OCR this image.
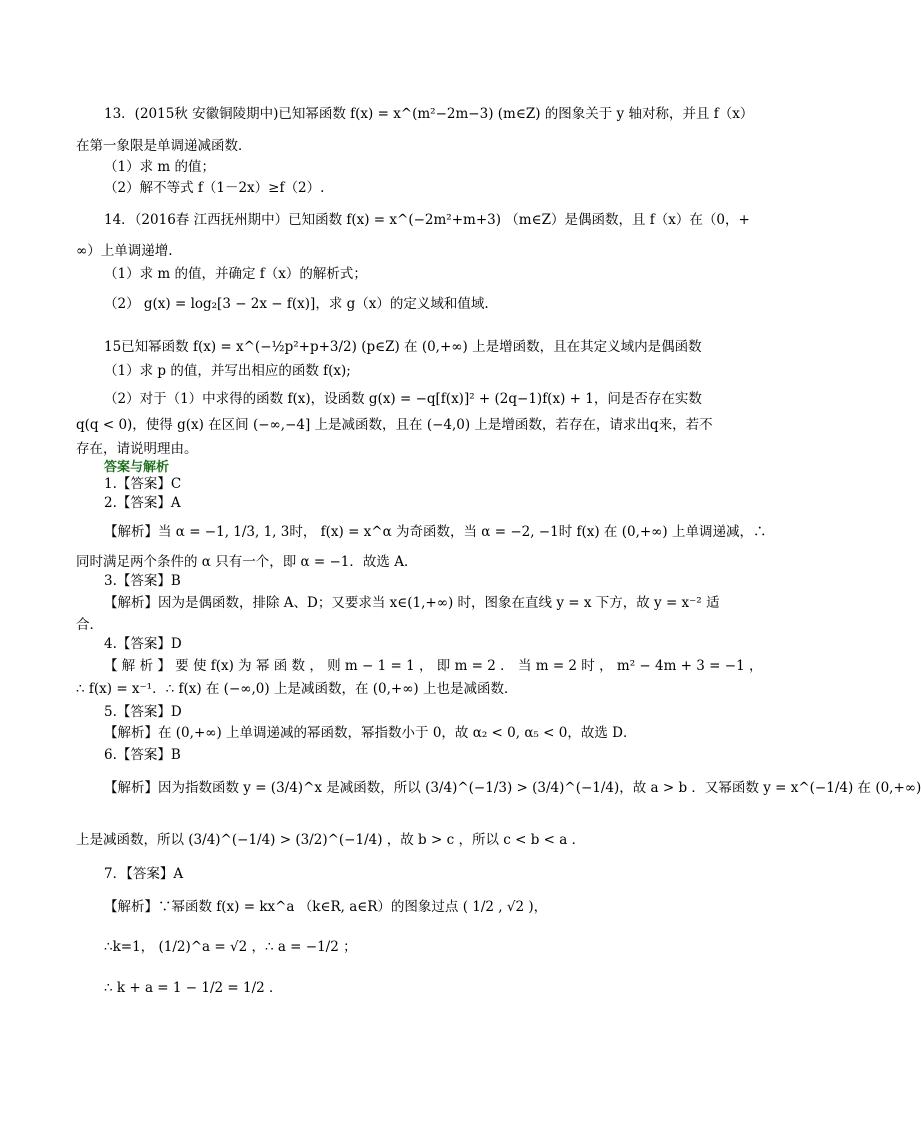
13．(2015秋 安徽铜陵期中)已知幂函数 f(x) = x^(m²−2m−3) (m∈Z) 的图象关于 y 轴对称，并且 f（x）
在第一象限是单调递减函数．
（1）求 m 的值；
（2）解不等式 f（1－2x）≥f（2）.
14．（2016春 江西抚州期中）已知函数 f(x) = x^(−2m²+m+3) （m∈Z）是偶函数，且 f（x）在（0，+
∞）上单调递增.
（1）求 m 的值，并确定 f（x）的解析式；
（2） g(x) = log₂[3 − 2x − f(x)]，求 g（x）的定义域和值域.
15已知幂函数 f(x) = x^(−½p²+p+3/2) (p∈Z) 在 (0,+∞) 上是增函数，且在其定义域内是偶函数
（1）求 p 的值，并写出相应的函数 f(x);
（2）对于（1）中求得的函数 f(x)，设函数 g(x) = −q[f(x)]² + (2q−1)f(x) + 1，问是否存在实数
q(q < 0)，使得 g(x) 在区间 (−∞,−4] 上是减函数，且在 (−4,0) 上是增函数，若存在，请求出q来，若不
存在，请说明理由。
答案与解析
1.【答案】C
2.【答案】A
【解析】当 α = −1, 1/3, 1, 3时， f(x) = x^α 为奇函数，当 α = −2, −1时 f(x) 在 (0,+∞) 上单调递减，∴
同时满足两个条件的 α 只有一个，即 α = −1．故选 A．
3.【答案】B
【解析】因为是偶函数，排除 A、D；又要求当 x∈(1,+∞) 时，图象在直线 y = x 下方，故 y = x⁻² 适
合．
4.【答案】D
【 解 析 】 要 使 f(x) 为 幂 函 数 ， 则 m − 1 = 1 ， 即 m = 2 ． 当 m = 2 时 ， m² − 4m + 3 = −1 ，
∴ f(x) = x⁻¹．∴ f(x) 在 (−∞,0) 上是减函数，在 (0,+∞) 上也是减函数．
5.【答案】D
【解析】在 (0,+∞) 上单调递减的幂函数，幂指数小于 0，故 α₂ < 0, α₅ < 0，故选 D．
6.【答案】B
【解析】因为指数函数 y = (3/4)^x 是减函数，所以 (3/4)^(−1/3) > (3/4)^(−1/4)，故 a > b ．又幂函数 y = x^(−1/4) 在 (0,+∞)
上是减函数，所以 (3/4)^(−1/4) > (3/2)^(−1/4) ，故 b > c ，所以 c < b < a ．
7．【答案】A
【解析】∵幂函数 f(x) = kx^a （k∈R, a∈R）的图象过点 ( 1/2 , √2 )，
∴k=1， (1/2)^a = √2 ，∴ a = −1/2 ；
∴ k + a = 1 − 1/2 = 1/2 ．
